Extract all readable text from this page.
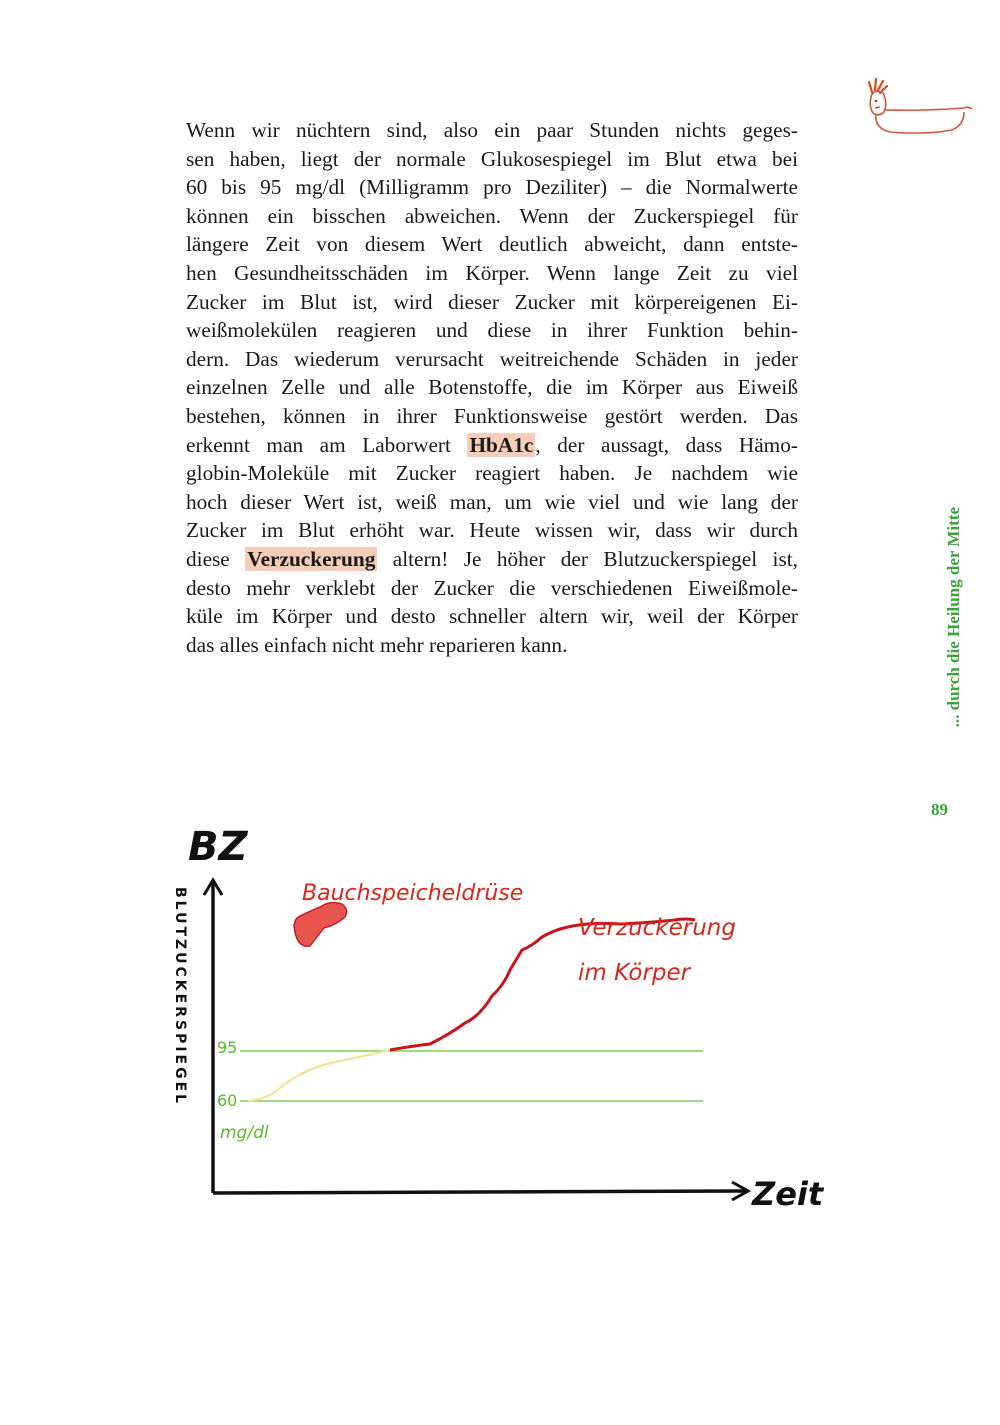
Wenn wir nüchtern sind, also ein paar Stunden nichts geges-
sen haben, liegt der normale Glukosespiegel im Blut etwa bei
60 bis 95 mg/dl (Milligramm pro Deziliter) – die Normalwerte
können ein bisschen abweichen. Wenn der Zuckerspiegel für
längere Zeit von diesem Wert deutlich abweicht, dann entste-
hen Gesundheitsschäden im Körper. Wenn lange Zeit zu viel
Zucker im Blut ist, wird dieser Zucker mit körpereigenen Ei-
weißmolekülen reagieren und diese in ihrer Funktion behin-
dern. Das wiederum verursacht weitreichende Schäden in jeder
einzelnen Zelle und alle Botenstoffe, die im Körper aus Eiweiß
bestehen, können in ihrer Funktionsweise gestört werden. Das
erkennt man am Laborwert HbA1c, der aussagt, dass Hämo-
globin-Moleküle mit Zucker reagiert haben. Je nachdem wie
hoch dieser Wert ist, weiß man, um wie viel und wie lang der
Zucker im Blut erhöht war. Heute wissen wir, dass wir durch
diese Verzuckerung altern! Je höher der Blutzuckerspiegel ist,
desto mehr verklebt der Zucker die verschiedenen Eiweißmole-
küle im Körper und desto schneller altern wir, weil der Körper
das alles einfach nicht mehr reparieren kann.	... durch die Heilung der Mitte
89
BZ
BLUTZUCKERSPIEGEL
Zeit
95
60
mg/dl
Bauchspeicheldrüse
Verzuckerung
im Körper
